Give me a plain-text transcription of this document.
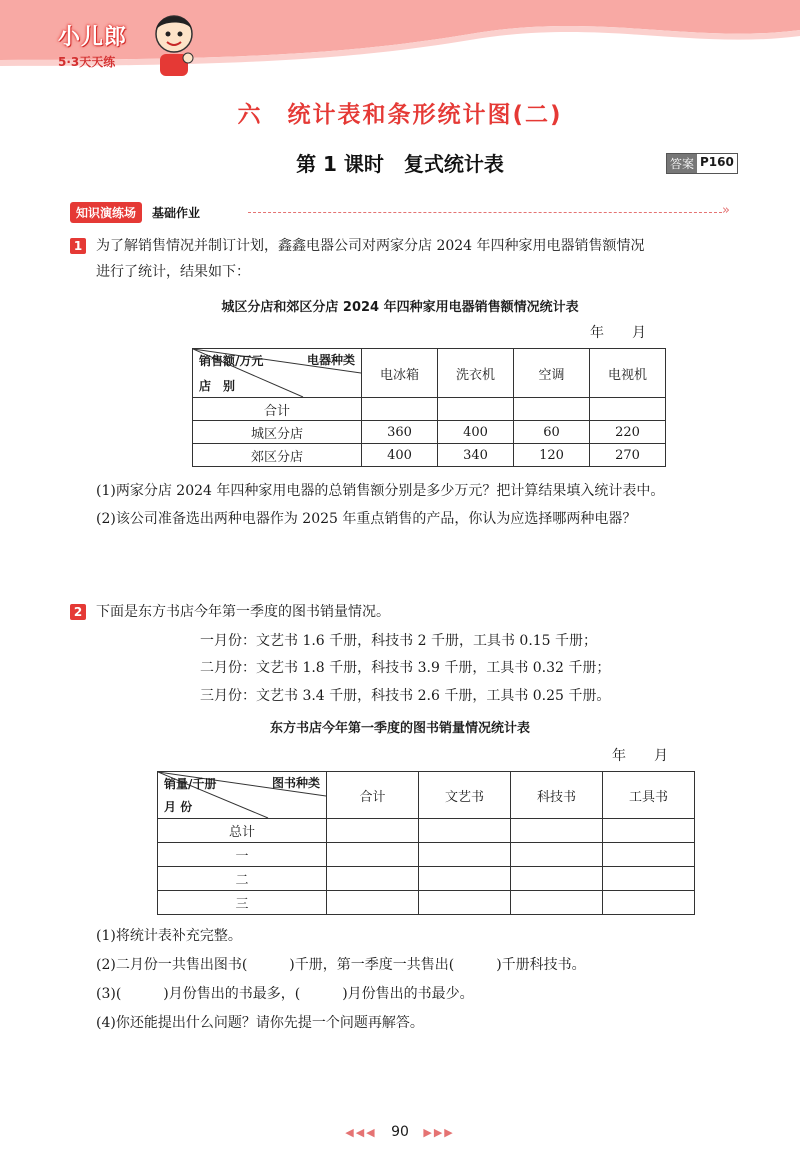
小儿郎
5·3天天练
六　统计表和条形统计图(二)
第 1 课时　复式统计表	答案 P160
知识演练场	基础作业	»
1 为了解销售情况并制订计划，鑫鑫电器公司对两家分店 2024 年四种家用电器销售额情况
进行了统计，结果如下：
城区分店和郊区分店 2024 年四种家用电器销售额情况统计表
年　　月
电器种类
销售额/万元
店　别	电冰箱	洗衣机	空调	电视机
合计				
城区分店	360	400	60	220
郊区分店	400	340	120	270
(1)两家分店 2024 年四种家用电器的总销售额分别是多少万元？把计算结果填入统计表中。
(2)该公司准备选出两种电器作为 2025 年重点销售的产品，你认为应选择哪两种电器？
2 下面是东方书店今年第一季度的图书销量情况。
一月份：文艺书 1.6 千册，科技书 2 千册，工具书 0.15 千册；
二月份：文艺书 1.8 千册，科技书 3.9 千册，工具书 0.32 千册；
三月份：文艺书 3.4 千册，科技书 2.6 千册，工具书 0.25 千册。
东方书店今年第一季度的图书销量情况统计表
年　　月
图书种类
销量/千册
月 份	合计	文艺书	科技书	工具书
总计				
一				
二				
三				
(1)将统计表补充完整。
(2)二月份一共售出图书(　　　)千册，第一季度一共售出(　　　)千册科技书。
(3)(　　　)月份售出的书最多，(　　　)月份售出的书最少。
(4)你还能提出什么问题？请你先提一个问题再解答。
◀◀◀ 90 ▶▶▶
